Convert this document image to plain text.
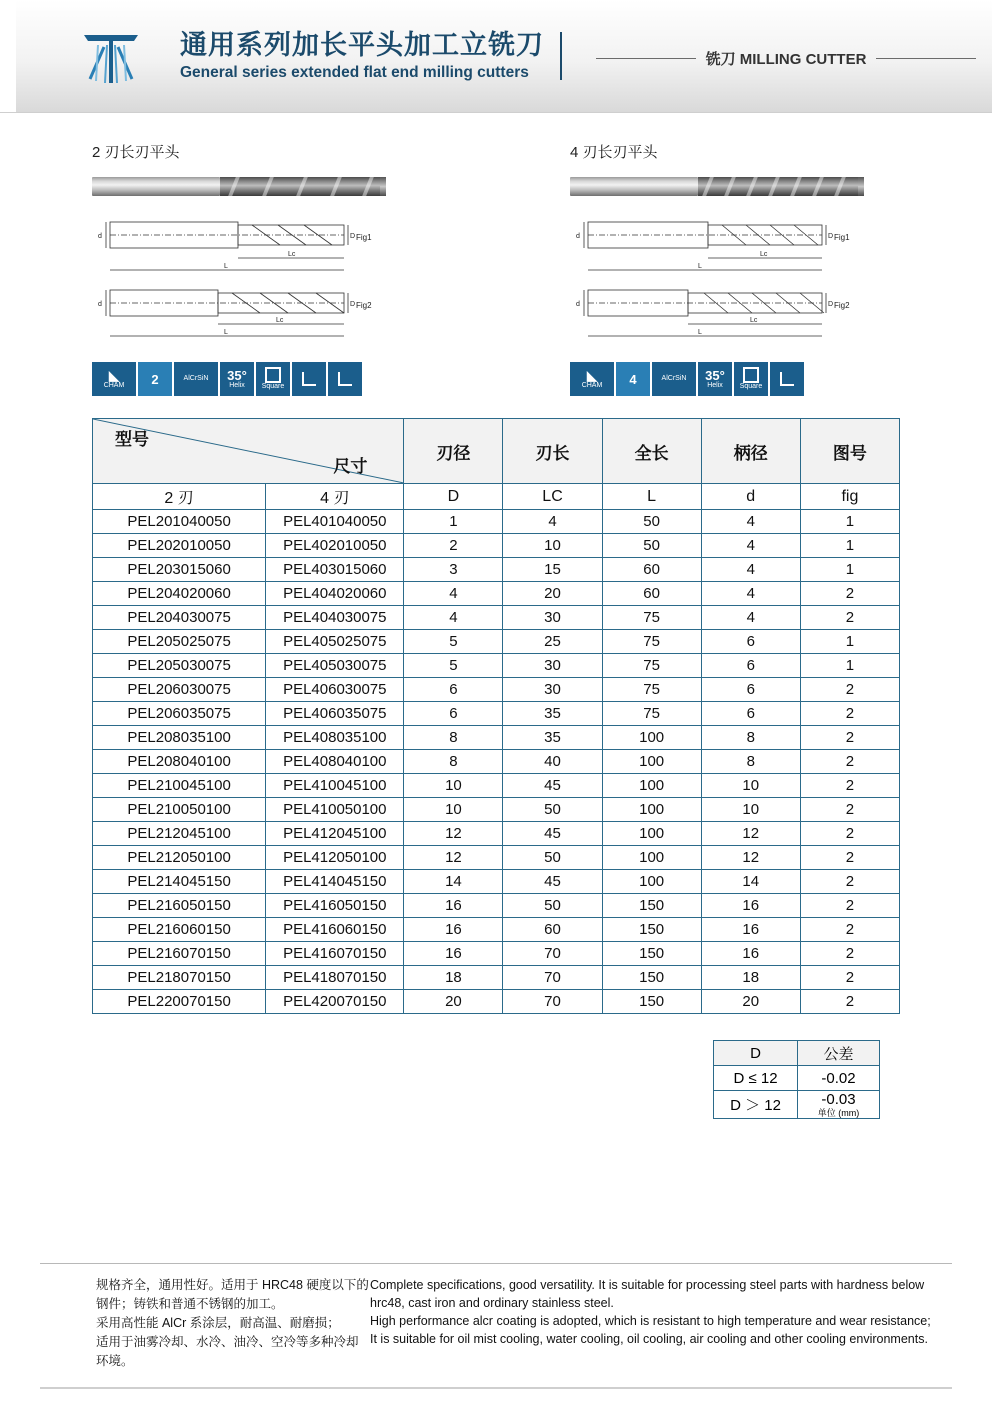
通用系列加长平头加工立铣刀
General series extended flat end milling cutters
铣刀 MILLING CUTTER
2 刃长刃平头
d	D
Lc
L
Fig1
d	D
Lc
L
Fig2
◣
CHAM 2	AlCrSiN 35°
Helix Square
4 刃长刃平头
d	D
Lc
L
Fig1
d	D
Lc
L
Fig2
◣
CHAM 4	AlCrSiN 35°
Helix Square
型号
尺寸		刃径	刃长	全长	柄径	图号
2 刃	4 刃	D	LC	L	d	fig
PEL201040050	PEL401040050	1	4	50	4	1
PEL202010050	PEL402010050	2	10	50	4	1
PEL203015060	PEL403015060	3	15	60	4	1
PEL204020060	PEL404020060	4	20	60	4	2
PEL204030075	PEL404030075	4	30	75	4	2
PEL205025075	PEL405025075	5	25	75	6	1
PEL205030075	PEL405030075	5	30	75	6	1
PEL206030075	PEL406030075	6	30	75	6	2
PEL206035075	PEL406035075	6	35	75	6	2
PEL208035100	PEL408035100	8	35	100	8	2
PEL208040100	PEL408040100	8	40	100	8	2
PEL210045100	PEL410045100	10	45	100	10	2
PEL210050100	PEL410050100	10	50	100	10	2
PEL212045100	PEL412045100	12	45	100	12	2
PEL212050100	PEL412050100	12	50	100	12	2
PEL214045150	PEL414045150	14	45	100	14	2
PEL216050150	PEL416050150	16	50	150	16	2
PEL216060150	PEL416060150	16	60	150	16	2
PEL216070150	PEL416070150	16	70	150	16	2
PEL218070150	PEL418070150	18	70	150	18	2
PEL220070150	PEL420070150	20	70	150	20	2
D	公差
D ≤ 12	-0.02
D ＞ 12	-0.03
单位 (mm)
规格齐全，通用性好。适用于 HRC48 硬度以下的钢件；铸铁和普通不锈钢的加工。
采用高性能 AlCr 系涂层，耐高温、耐磨损；
适用于油雾冷却、水冷、油冷、空冷等多种冷却环境。
Complete specifications, good versatility. It is suitable for processing steel parts with hardness below hrc48, cast iron and ordinary stainless steel.
High performance alcr coating is adopted, which is resistant to high temperature and wear resistance;
It is suitable for oil mist cooling, water cooling, oil cooling, air cooling and other cooling environments.
